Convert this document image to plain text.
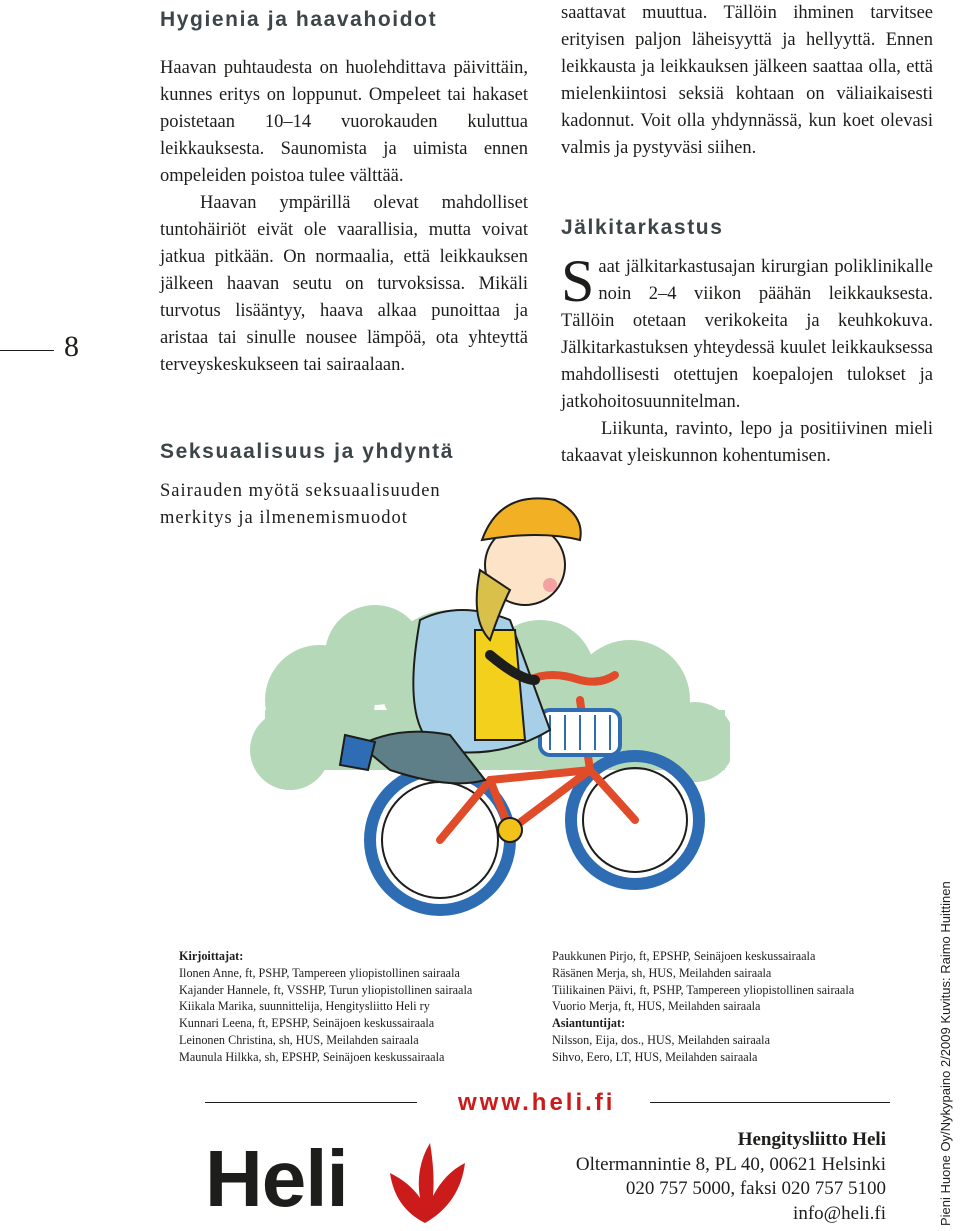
8
Hygienia ja haavahoidot

Haavan puhtaudesta on huolehdittava päivittäin, kunnes eritys on loppunut. Ompeleet tai hakaset poistetaan 10–14 vuorokauden kuluttua leikkauksesta. Saunomista ja uimista ennen ompeleiden poistoa tulee välttää.

Haavan ympärillä olevat mahdolliset tuntohäiriöt eivät ole vaarallisia, mutta voivat jatkua pitkään. On normaalia, että leikkauksen jälkeen haavan seutu on turvoksissa. Mikäli turvotus lisääntyy, haava alkaa punoittaa ja aristaa tai sinulle nousee lämpöä, ota yhteyttä terveyskeskukseen tai sairaalaan.

Seksuaalisuus ja yhdyntä
Sairauden myötä seksuaalisuuden
merkitys ja ilmenemismuodot

saattavat muuttua. Tällöin ihminen tarvitsee erityisen paljon läheisyyttä ja hellyyttä. Ennen leikkausta ja leikkauksen jälkeen saattaa olla, että mielenkiintosi seksiä kohtaan on väliaikaisesti kadonnut. Voit olla yhdynnässä, kun koet olevasi valmis ja pystyväsi siihen.

Jälkitarkastus

Saat jälkitarkastusajan kirurgian poliklinikalle noin 2–4 viikon päähän leikkauksesta. Tällöin otetaan verikokeita ja keuhkokuva. Jälkitarkastuksen yhteydessä kuulet leikkauksessa mahdollisesti otettujen koepalojen tulokset ja jatkohoitosuunnitelman.

Liikunta, ravinto, lepo ja positiivinen mieli takaavat yleiskunnon kohentumisen.

Kirjoittajat:
Ilonen Anne, ft, PSHP, Tampereen yliopistollinen sairaala
Kajander Hannele, ft, VSSHP, Turun yliopistollinen sairaala
Kiikala Marika, suunnittelija, Hengitysliitto Heli ry
Kunnari Leena, ft, EPSHP, Seinäjoen keskussairaala
Leinonen Christina, sh, HUS, Meilahden sairaala
Maunula Hilkka, sh, EPSHP, Seinäjoen keskussairaala
Paukkunen Pirjo, ft, EPSHP, Seinäjoen keskussairaala
Räsänen Merja, sh, HUS, Meilahden sairaala
Tiilikainen Päivi, ft, PSHP, Tampereen yliopistollinen sairaala
Vuorio Merja, ft, HUS, Meilahden sairaala
Asiantuntijat:
Nilsson, Eija, dos., HUS, Meilahden sairaala
Sihvo, Eero, LT, HUS, Meilahden sairaala
www.heli.fi
Heli	Hengitysliitto Heli
Oltermannintie 8, PL 40, 00621 Helsinki
020 757 5000, faksi 020 757 5100
info@heli.fi	Pieni Huone Oy/Nykypaino 2/2009 Kuvitus: Raimo Huittinen
